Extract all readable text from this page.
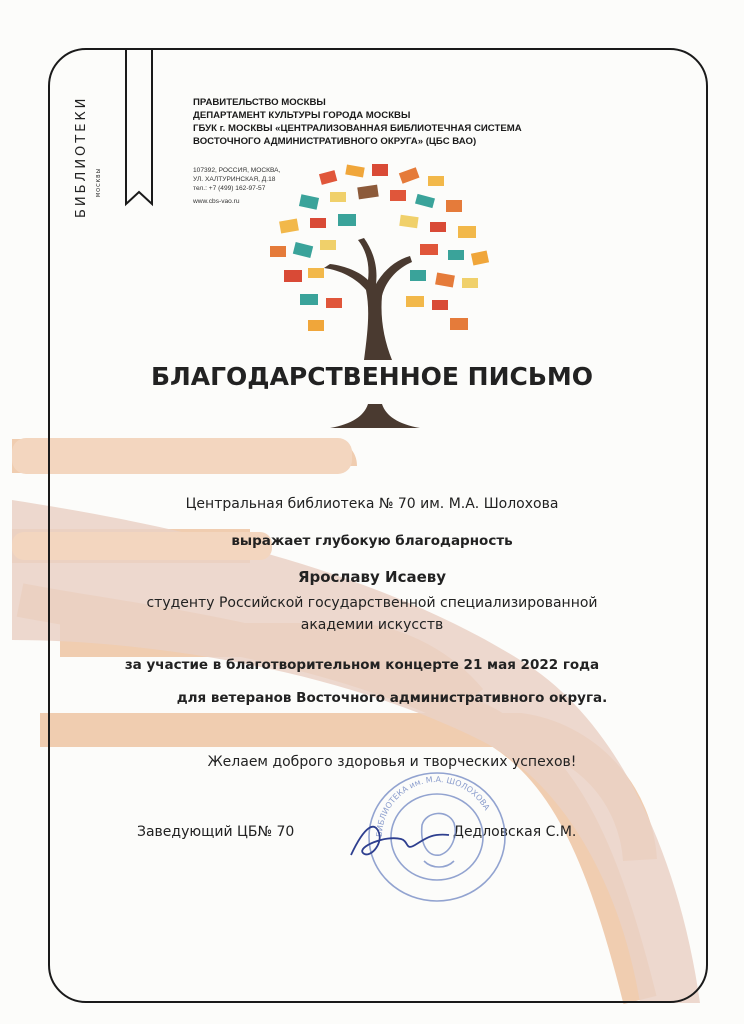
БИБЛИОТЕКИ МОСКВЫ
ПРАВИТЕЛЬСТВО МОСКВЫ
ДЕПАРТАМЕНТ КУЛЬТУРЫ ГОРОДА МОСКВЫ
ГБУК г. МОСКВЫ «ЦЕНТРАЛИЗОВАННАЯ БИБЛИОТЕЧНАЯ СИСТЕМА
ВОСТОЧНОГО АДМИНИСТРАТИВНОГО ОКРУГА» (ЦБС ВАО)
107392, РОССИЯ, МОСКВА,
УЛ. ХАЛТУРИНСКАЯ, Д.18
тел.: +7 (499) 162-97-57
www.cbs-vao.ru
БЛАГОДАРСТВЕННОЕ ПИСЬМО
Центральная библиотека № 70 им. М.А. Шолохова
выражает глубокую благодарность
Ярославу Исаеву
студенту Российской государственной специализированной
академии искусств
за участие в благотворительном концерте 21 мая 2022 года
для ветеранов Восточного административного округа.
Желаем доброго здоровья и творческих успехов!
Заведующий ЦБ№ 70	Дедловская С.М.
БИБЛИОТЕКА им. М.А. ШОЛОХОВА
